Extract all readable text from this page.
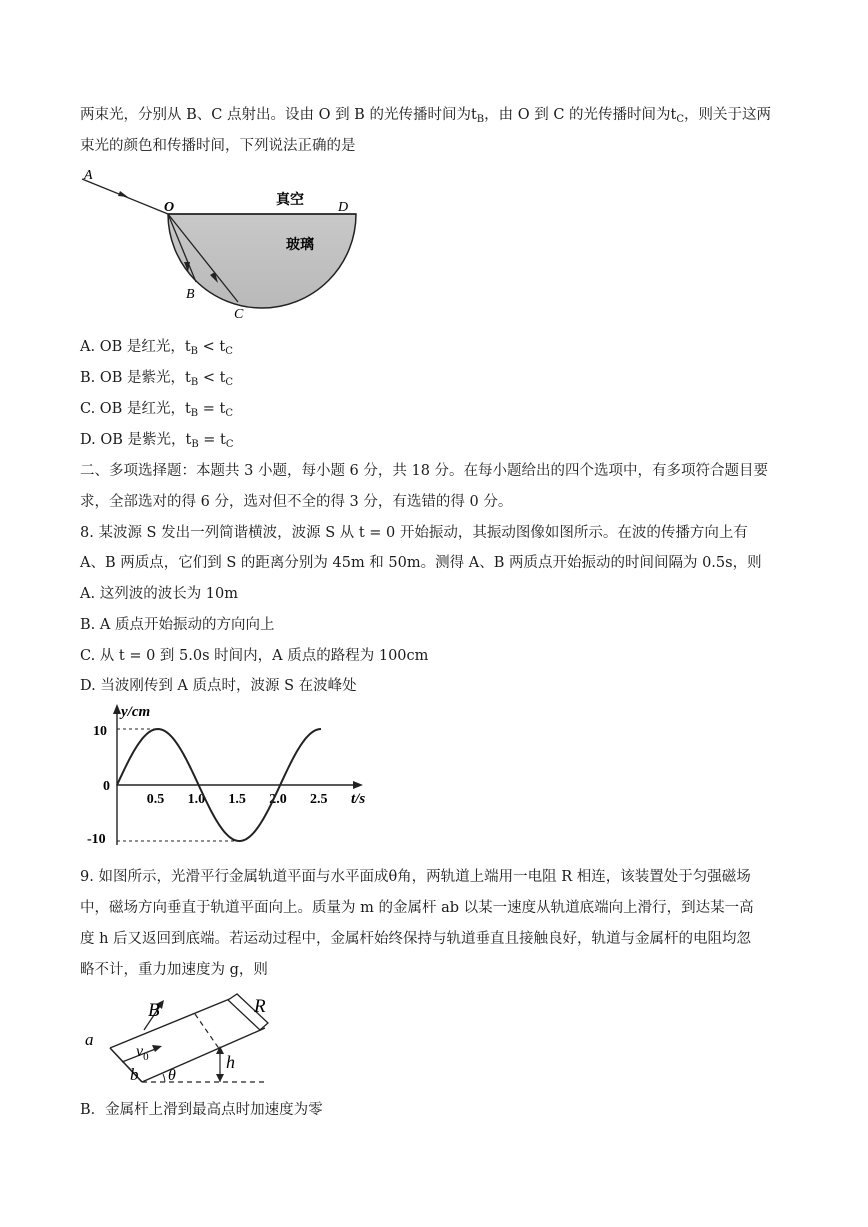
两束光，分别从 B、C 点射出。设由 O 到 B 的光传播时间为$t_B$，由 O 到 C 的光传播时间为$t_C$，则关于这两
束光的颜色和传播时间，下列说法正确的是
A
O	D
B
C
真空
玻璃
A. OB 是红光，$t_B < t_C$
B. OB 是紫光，$t_B < t_C$
C. OB 是红光，$t_B = t_C$
D. OB 是紫光，$t_B = t_C$
二、多项选择题：本题共 3 小题，每小题 6 分，共 18 分。在每小题给出的四个选项中，有多项符合题目要
求，全部选对的得 6 分，选对但不全的得 3 分，有选错的得 0 分。
8. 某波源 S 发出一列简谐横波，波源 S 从 t = 0 开始振动，其振动图像如图所示。在波的传播方向上有
A、B 两质点，它们到 S 的距离分别为 45m 和 50m。测得 A、B 两质点开始振动的时间间隔为 0.5s，则
A. 这列波的波长为 10m
B. A 质点开始振动的方向向上
C. 从 t = 0 到 5.0s 时间内，A 质点的路程为 100cm
D. 当波刚传到 A 质点时，波源 S 在波峰处
y/cm
t/s
10
0
-10
0.5 1.0 1.5 2.0 2.5
9. 如图所示，光滑平行金属轨道平面与水平面成θ角，两轨道上端用一电阻 R 相连，该装置处于匀强磁场
中，磁场方向垂直于轨道平面向上。质量为 m 的金属杆 ab 以某一速度从轨道底端向上滑行，到达某一高
度 h 后又返回到底端。若运动过程中，金属杆始终保持与轨道垂直且接触良好，轨道与金属杆的电阻均忽
略不计，重力加速度为 g，则
B	R
a
b
$v_0$
θ
h
B．金属杆上滑到最高点时加速度为零
